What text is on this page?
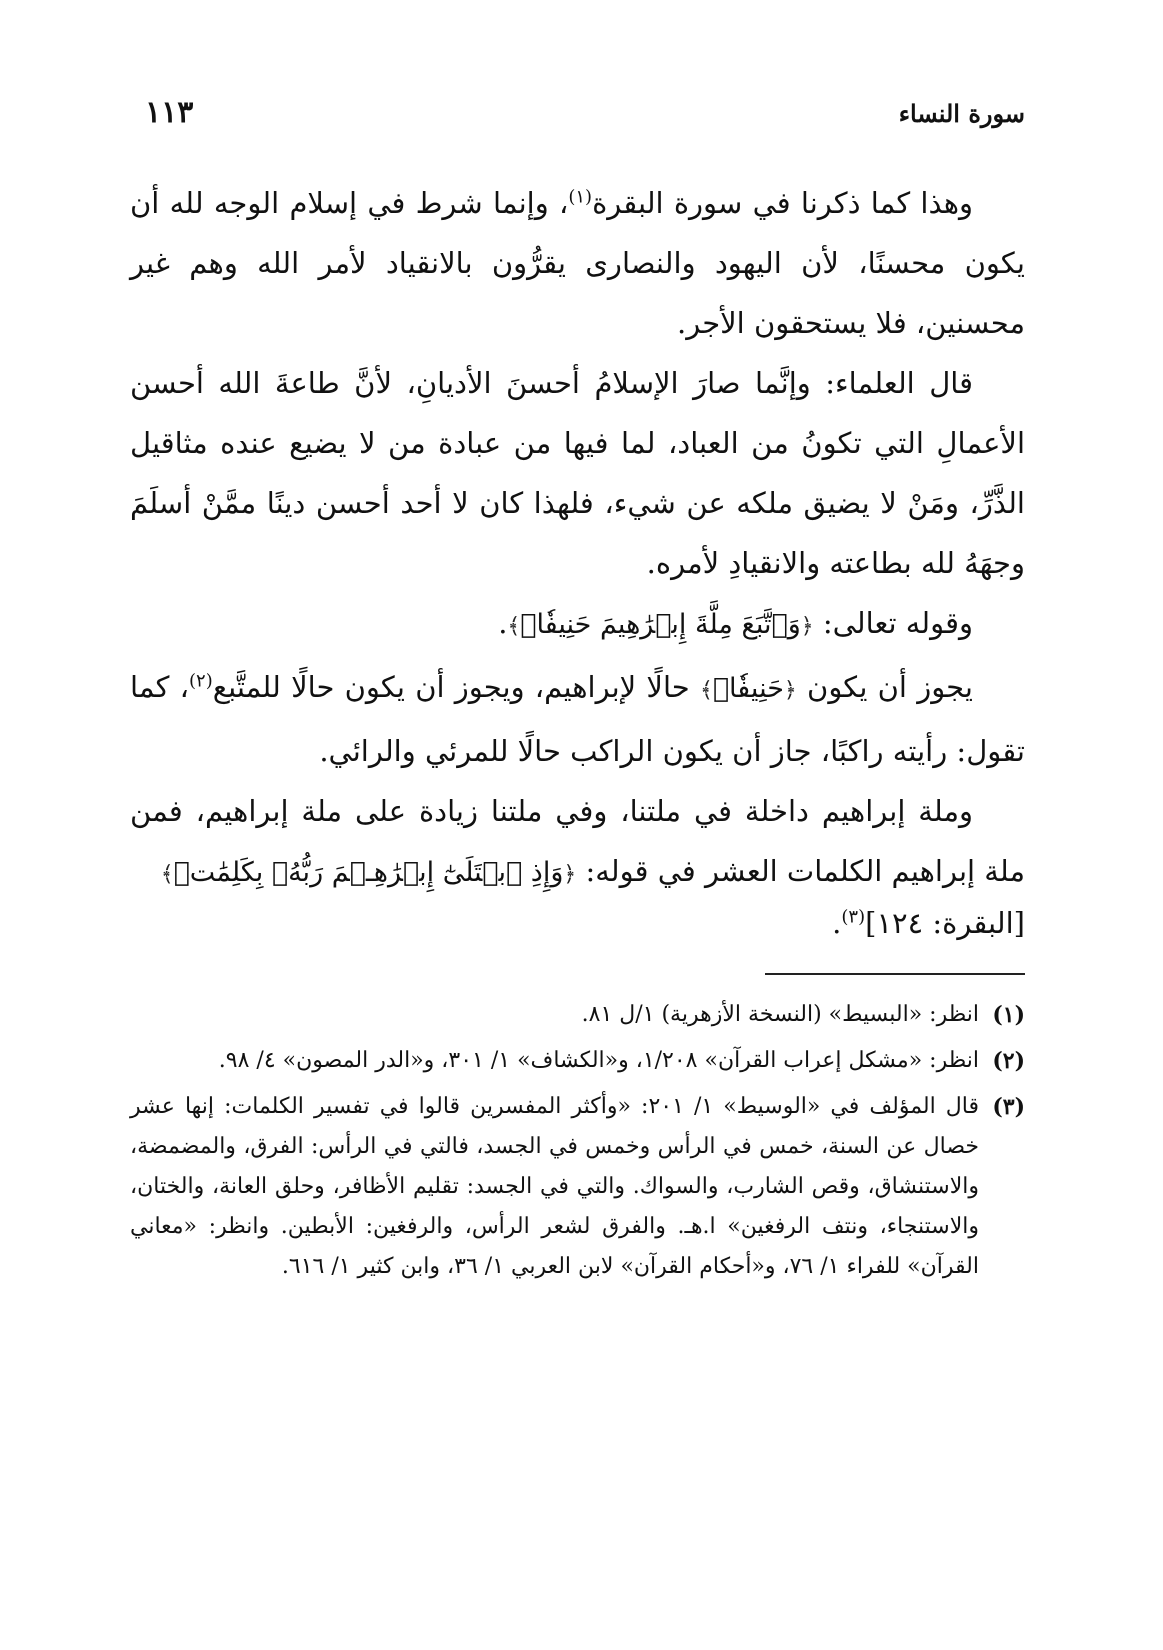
سورة النساء
١١٣

وهذا كما ذكرنا في سورة البقرة$^{(١)}$، وإنما شرط في إسلام الوجه لله أن يكون محسنًا، لأن اليهود والنصارى يقرُّون بالانقياد لأمر الله وهم غير محسنين، فلا يستحقون الأجر.

قال العلماء: وإنَّما صارَ الإسلامُ أحسنَ الأديانِ، لأنَّ طاعةَ الله أحسن الأعمالِ التي تكونُ من العباد، لما فيها من عبادة من لا يضيع عنده مثاقيل الذَّرِّ، ومَنْ لا يضيق ملكه عن شيء، فلهذا كان لا أحد أحسن دينًا ممَّنْ أسلَمَ وجهَهُ لله بطاعته والانقيادِ لأمره.

وقوله تعالى: ﴿وَٱتَّبَعَ مِلَّةَ إِبۡرَٰهِيمَ حَنِيفٗاۗ﴾.

يجوز أن يكون ﴿حَنِيفٗاۗ﴾ حالًا لإبراهيم، ويجوز أن يكون حالًا للمتَّبع$^{(٢)}$، كما تقول: رأيته راكبًا، جاز أن يكون الراكب حالًا للمرئي والرائي.

وملة إبراهيم داخلة في ملتنا، وفي ملتنا زيادة على ملة إبراهيم، فمن ملة إبراهيم الكلمات العشر في قوله: ﴿وَإِذِ ٱبۡتَلَىٰٓ إِبۡرَٰهِـۧمَ رَبُّهُۥ بِكَلِمَٰتٖ﴾

[البقرة: ١٢٤]$^{(٣)}$.

(١)
انظر: «البسيط» (النسخة الأزهرية) ١/ل ٨١.
(٢)
انظر: «مشكل إعراب القرآن» ١/٢٠٨، و«الكشاف» ١/ ٣٠١، و«الدر المصون» ٤/ ٩٨.
(٣)
قال المؤلف في «الوسيط» ١/ ٢٠١: «وأكثر المفسرين قالوا في تفسير الكلمات: إنها عشر خصال عن السنة، خمس في الرأس وخمس في الجسد، فالتي في الرأس: الفرق، والمضمضة، والاستنشاق، وقص الشارب، والسواك. والتي في الجسد: تقليم الأظافر، وحلق العانة، والختان، والاستنجاء، ونتف الرفغين» ا.هـ. والفرق لشعر الرأس، والرفغين: الأبطين. وانظر: «معاني القرآن» للفراء ١/ ٧٦، و«أحكام القرآن» لابن العربي ١/ ٣٦، وابن كثير ١/ ٦١٦.
